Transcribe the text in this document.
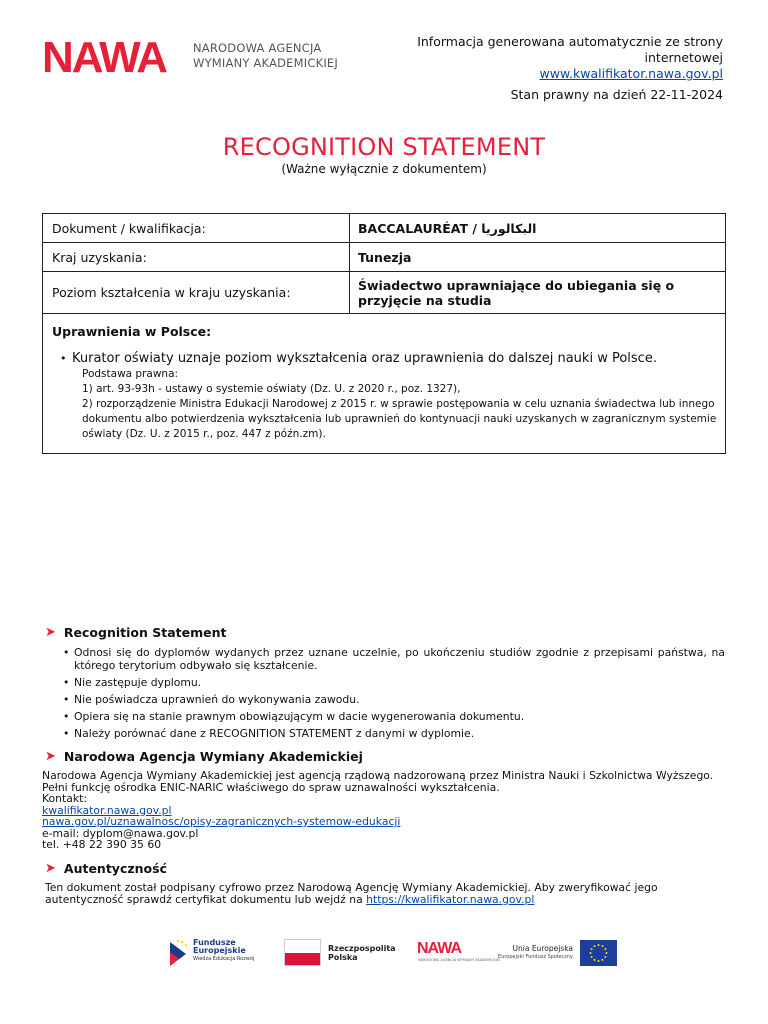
NAWA NARODOWA AGENCJA
WYMIANY AKADEMICKIEJ
Informacja generowana automatycznie ze strony internetowej
www.kwalifikator.nawa.gov.pl
Stan prawny na dzień 22-11-2024
RECOGNITION STATEMENT
(Ważne wyłącznie z dokumentem)
Dokument / kwalifikacja:	BACCALAURÉAT / البكالوريا
Kraj uzyskania:	Tunezja
Poziom kształcenia w kraju uzyskania:	Świadectwo uprawniające do ubiegania się o przyjęcie na studia
Uprawnienia w Polsce:
• Kurator oświaty uznaje poziom wykształcenia oraz uprawnienia do dalszej nauki w Polsce.
Podstawa prawna:
1) art. 93-93h - ustawy o systemie oświaty (Dz. U. z 2020 r., poz. 1327),
2) rozporządzenie Ministra Edukacji Narodowej z 2015 r. w sprawie postępowania w celu uznania świadectwa lub innego dokumentu albo potwierdzenia wykształcenia lub uprawnień do kontynuacji nauki uzyskanych w zagranicznym systemie oświaty (Dz. U. z 2015 r., poz. 447 z późn.zm).
➤ Recognition Statement
• Odnosi się do dyplomów wydanych przez uznane uczelnie, po ukończeniu studiów zgodnie z przepisami państwa, na którego terytorium odbywało się kształcenie.
• Nie zastępuje dyplomu.
• Nie poświadcza uprawnień do wykonywania zawodu.
• Opiera się na stanie prawnym obowiązującym w dacie wygenerowania dokumentu.
• Należy porównać dane z RECOGNITION STATEMENT z danymi w dyplomie.
➤ Narodowa Agencja Wymiany Akademickiej
Narodowa Agencja Wymiany Akademickiej jest agencją rządową nadzorowaną przez Ministra Nauki i Szkolnictwa Wyższego. Pełni funkcję ośrodka ENIC-NARIC właściwego do spraw uznawalności wykształcenia.
Kontakt:
kwalifikator.nawa.gov.pl
nawa.gov.pl/uznawalnosc/opisy-zagranicznych-systemow-edukacji
e-mail: dyplom@nawa.gov.pl
tel. +48 22 390 35 60
➤ Autentyczność
Ten dokument został podpisany cyfrowo przez Narodową Agencję Wymiany Akademickiej. Aby zweryfikować jego autentyczność sprawdź certyfikat dokumentu lub wejdź na https://kwalifikator.nawa.gov.pl
Fundusze
Europejskie
Wiedza Edukacja Rozwój
Rzeczpospolita
Polska
NAWA
NARODOWA AGENCJA WYMIANY AKADEMICKIEJ
Unia Europejska
Europejski Fundusz Społeczny
